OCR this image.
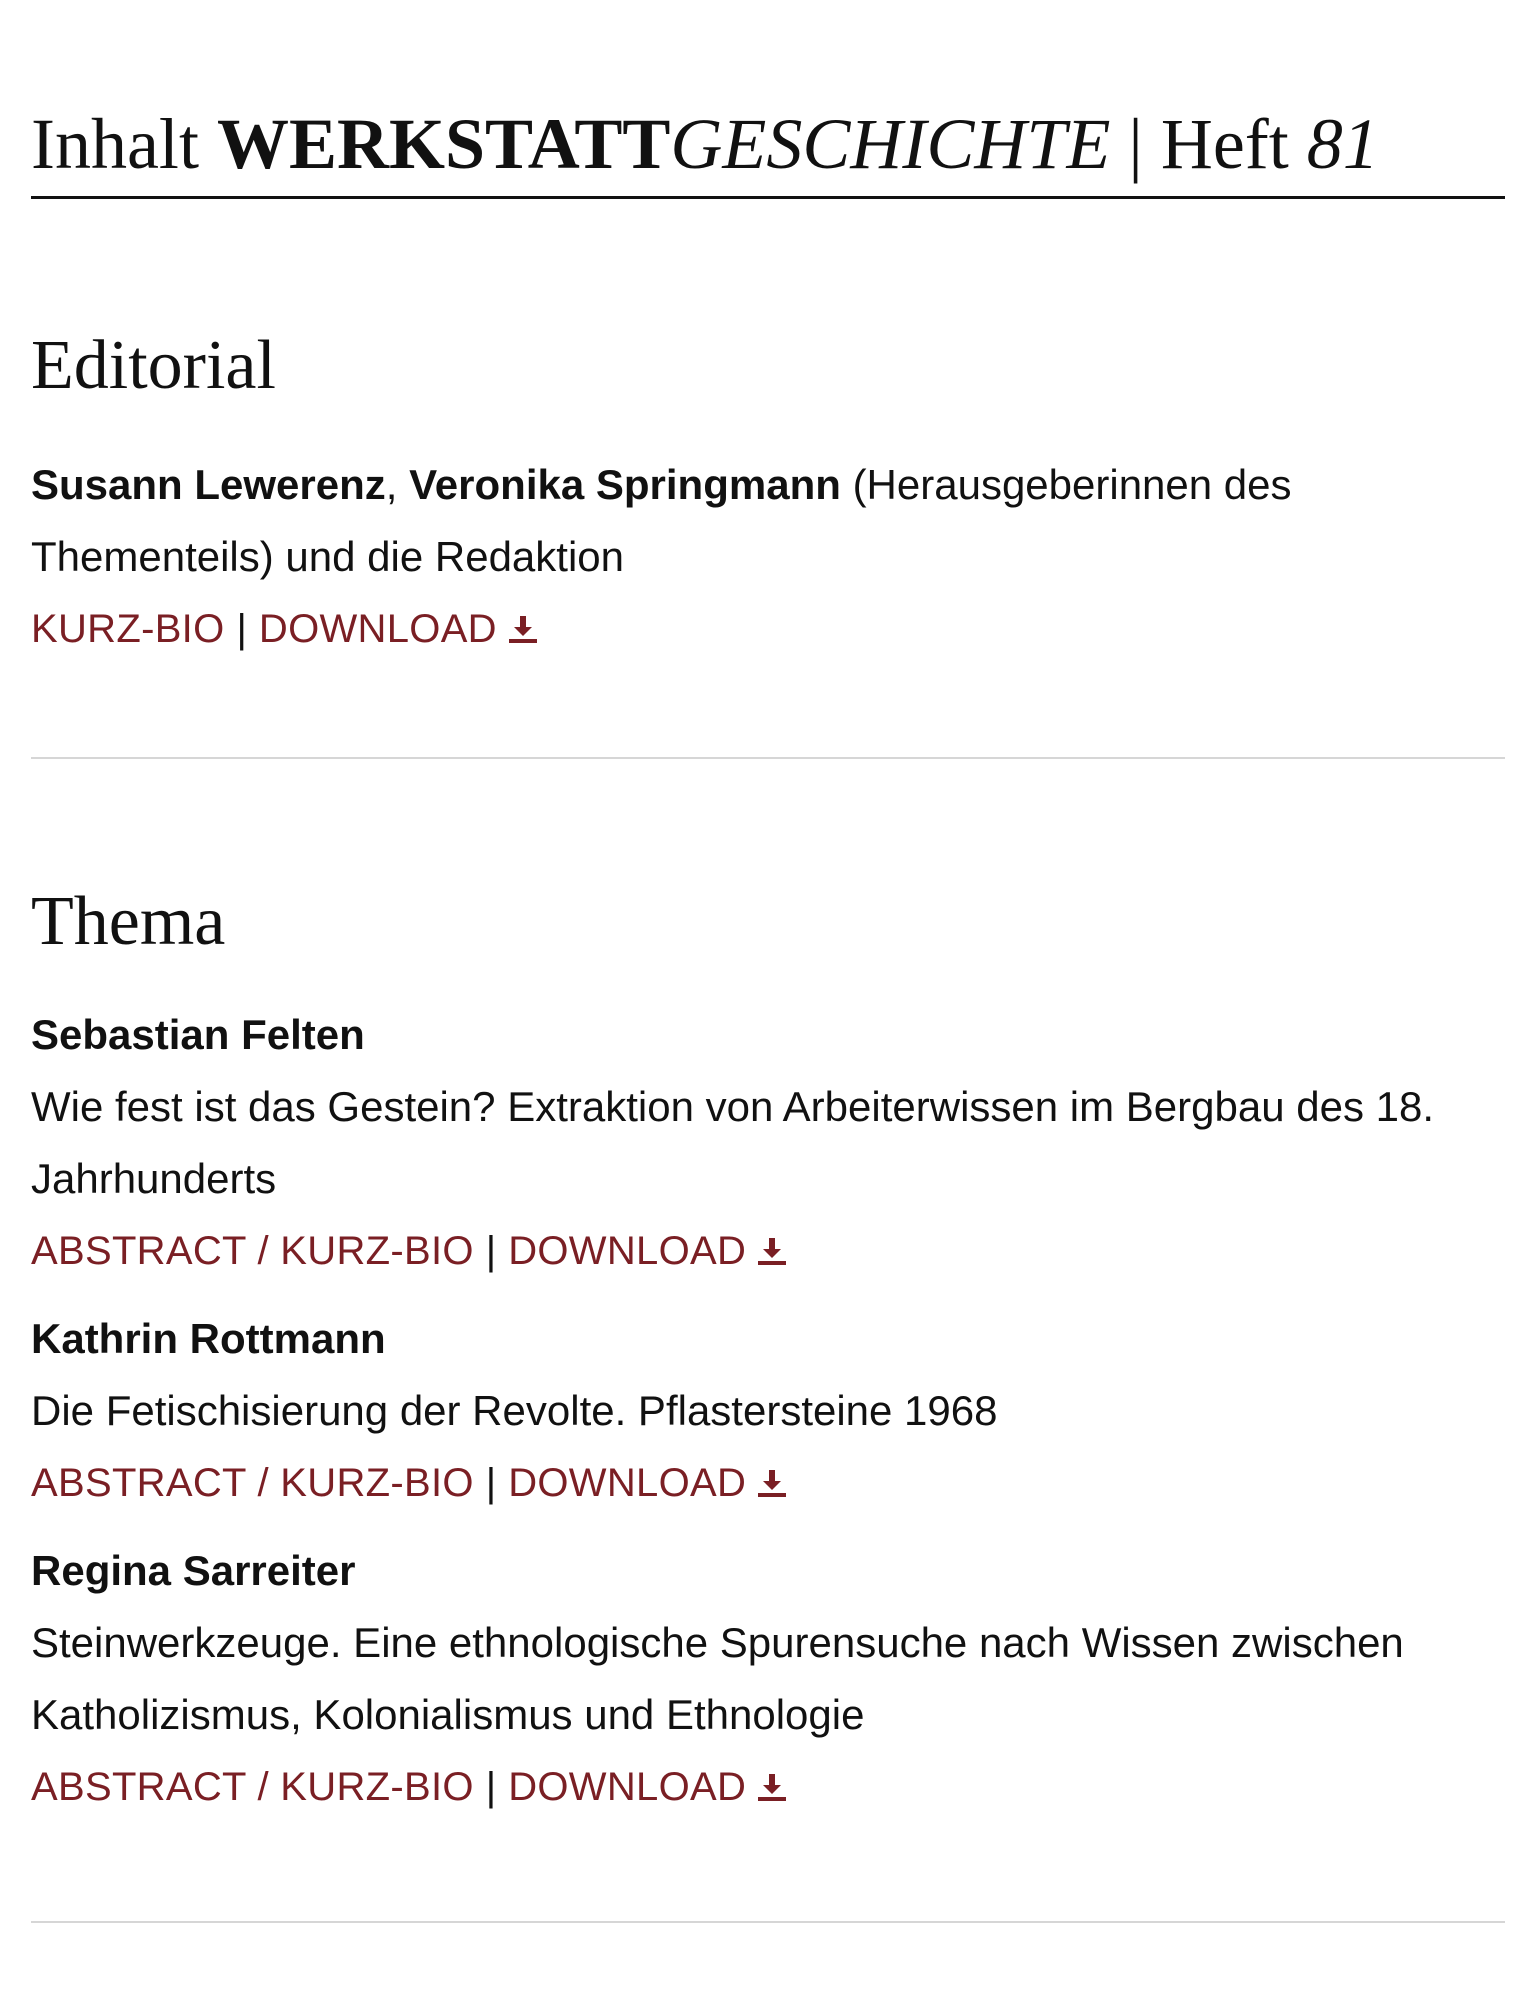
Inhalt WERKSTATTGESCHICHTE | Heft 81
Editorial
Susann Lewerenz, Veronika Springmann (Herausgeberinnen des Thementeils) und die Redaktion
KURZ-BIO | DOWNLOAD
Thema
Sebastian Felten
Wie fest ist das Gestein? Extraktion von Arbeiterwissen im Bergbau des 18. Jahrhunderts
ABSTRACT / KURZ-BIO | DOWNLOAD
Kathrin Rottmann
Die Fetischisierung der Revolte. Pflastersteine 1968
ABSTRACT / KURZ-BIO | DOWNLOAD
Regina Sarreiter
Steinwerkzeuge. Eine ethnologische Spurensuche nach Wissen zwischen Katholizismus, Kolonialismus und Ethnologie
ABSTRACT / KURZ-BIO | DOWNLOAD
